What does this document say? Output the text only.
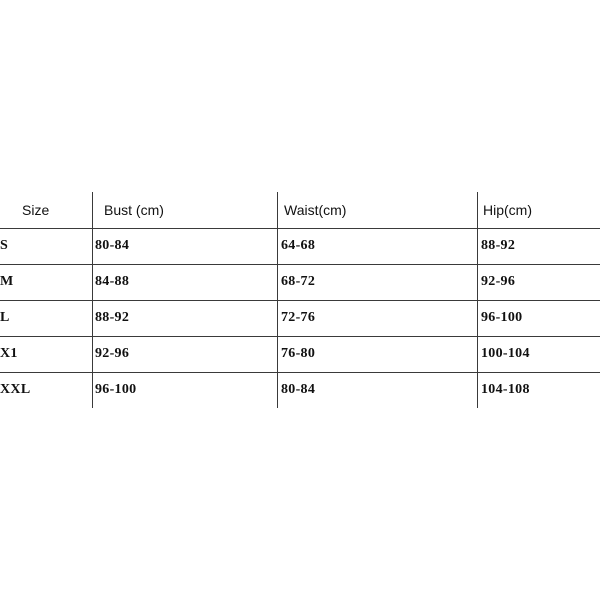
Size	Bust (cm)	Waist(cm)	Hip(cm)
S	80-84	64-68	88-92
M	84-88	68-72	92-96
L	88-92	72-76	96-100
X1	92-96	76-80	100-104
XXL	96-100	80-84	104-108
